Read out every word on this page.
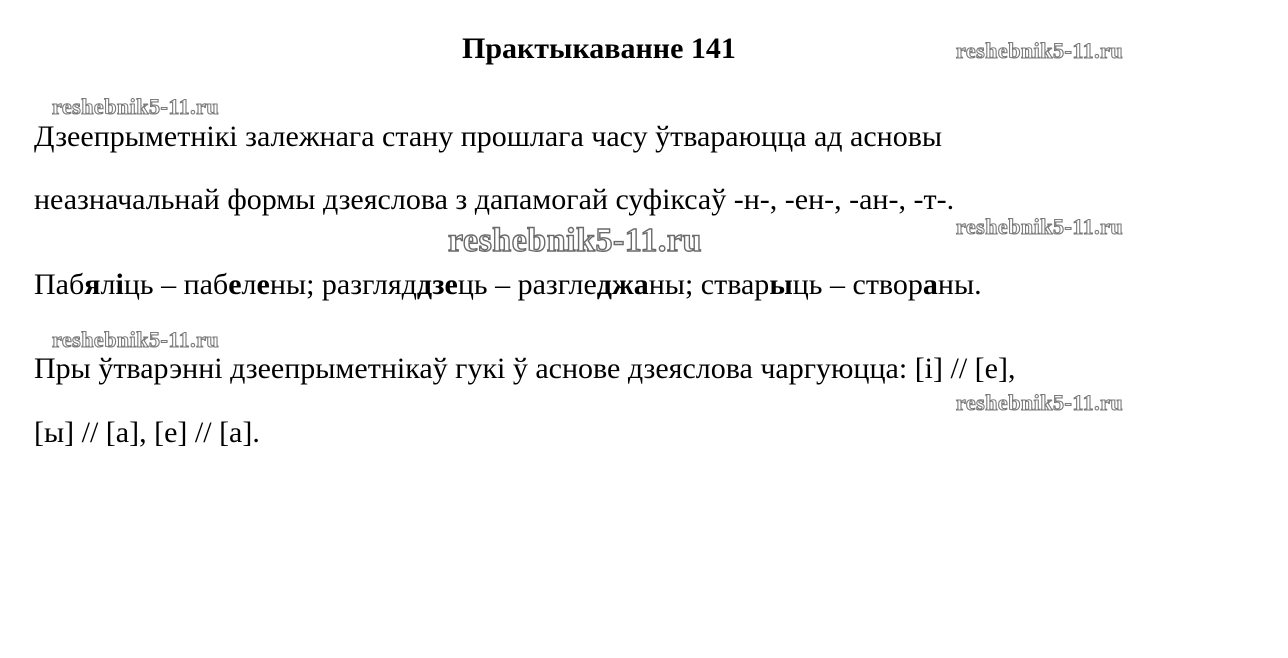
Практыкаванне 141	reshebnik5-11.ru
reshebnik5-11.ru
reshebnik5-11.ru
reshebnik5-11.ru
reshebnik5-11.ru
reshebnik5-11.ru
Дзеепрыметнікі залежнага стану прошлага часу ўтвараюцца ад асновы
неазначальнай формы дзеяслова з дапамогай суфіксаў -н-, -ен-, -ан-, -т-.
Пабяліць – пабелены; разгляддзець – разгледжаны; стварыць – створаны.
Пры ўтварэнні дзеепрыметнікаў гукі ў аснове дзеяслова чаргуюцца: [і] // [е],
[ы] // [а], [е] // [а].
